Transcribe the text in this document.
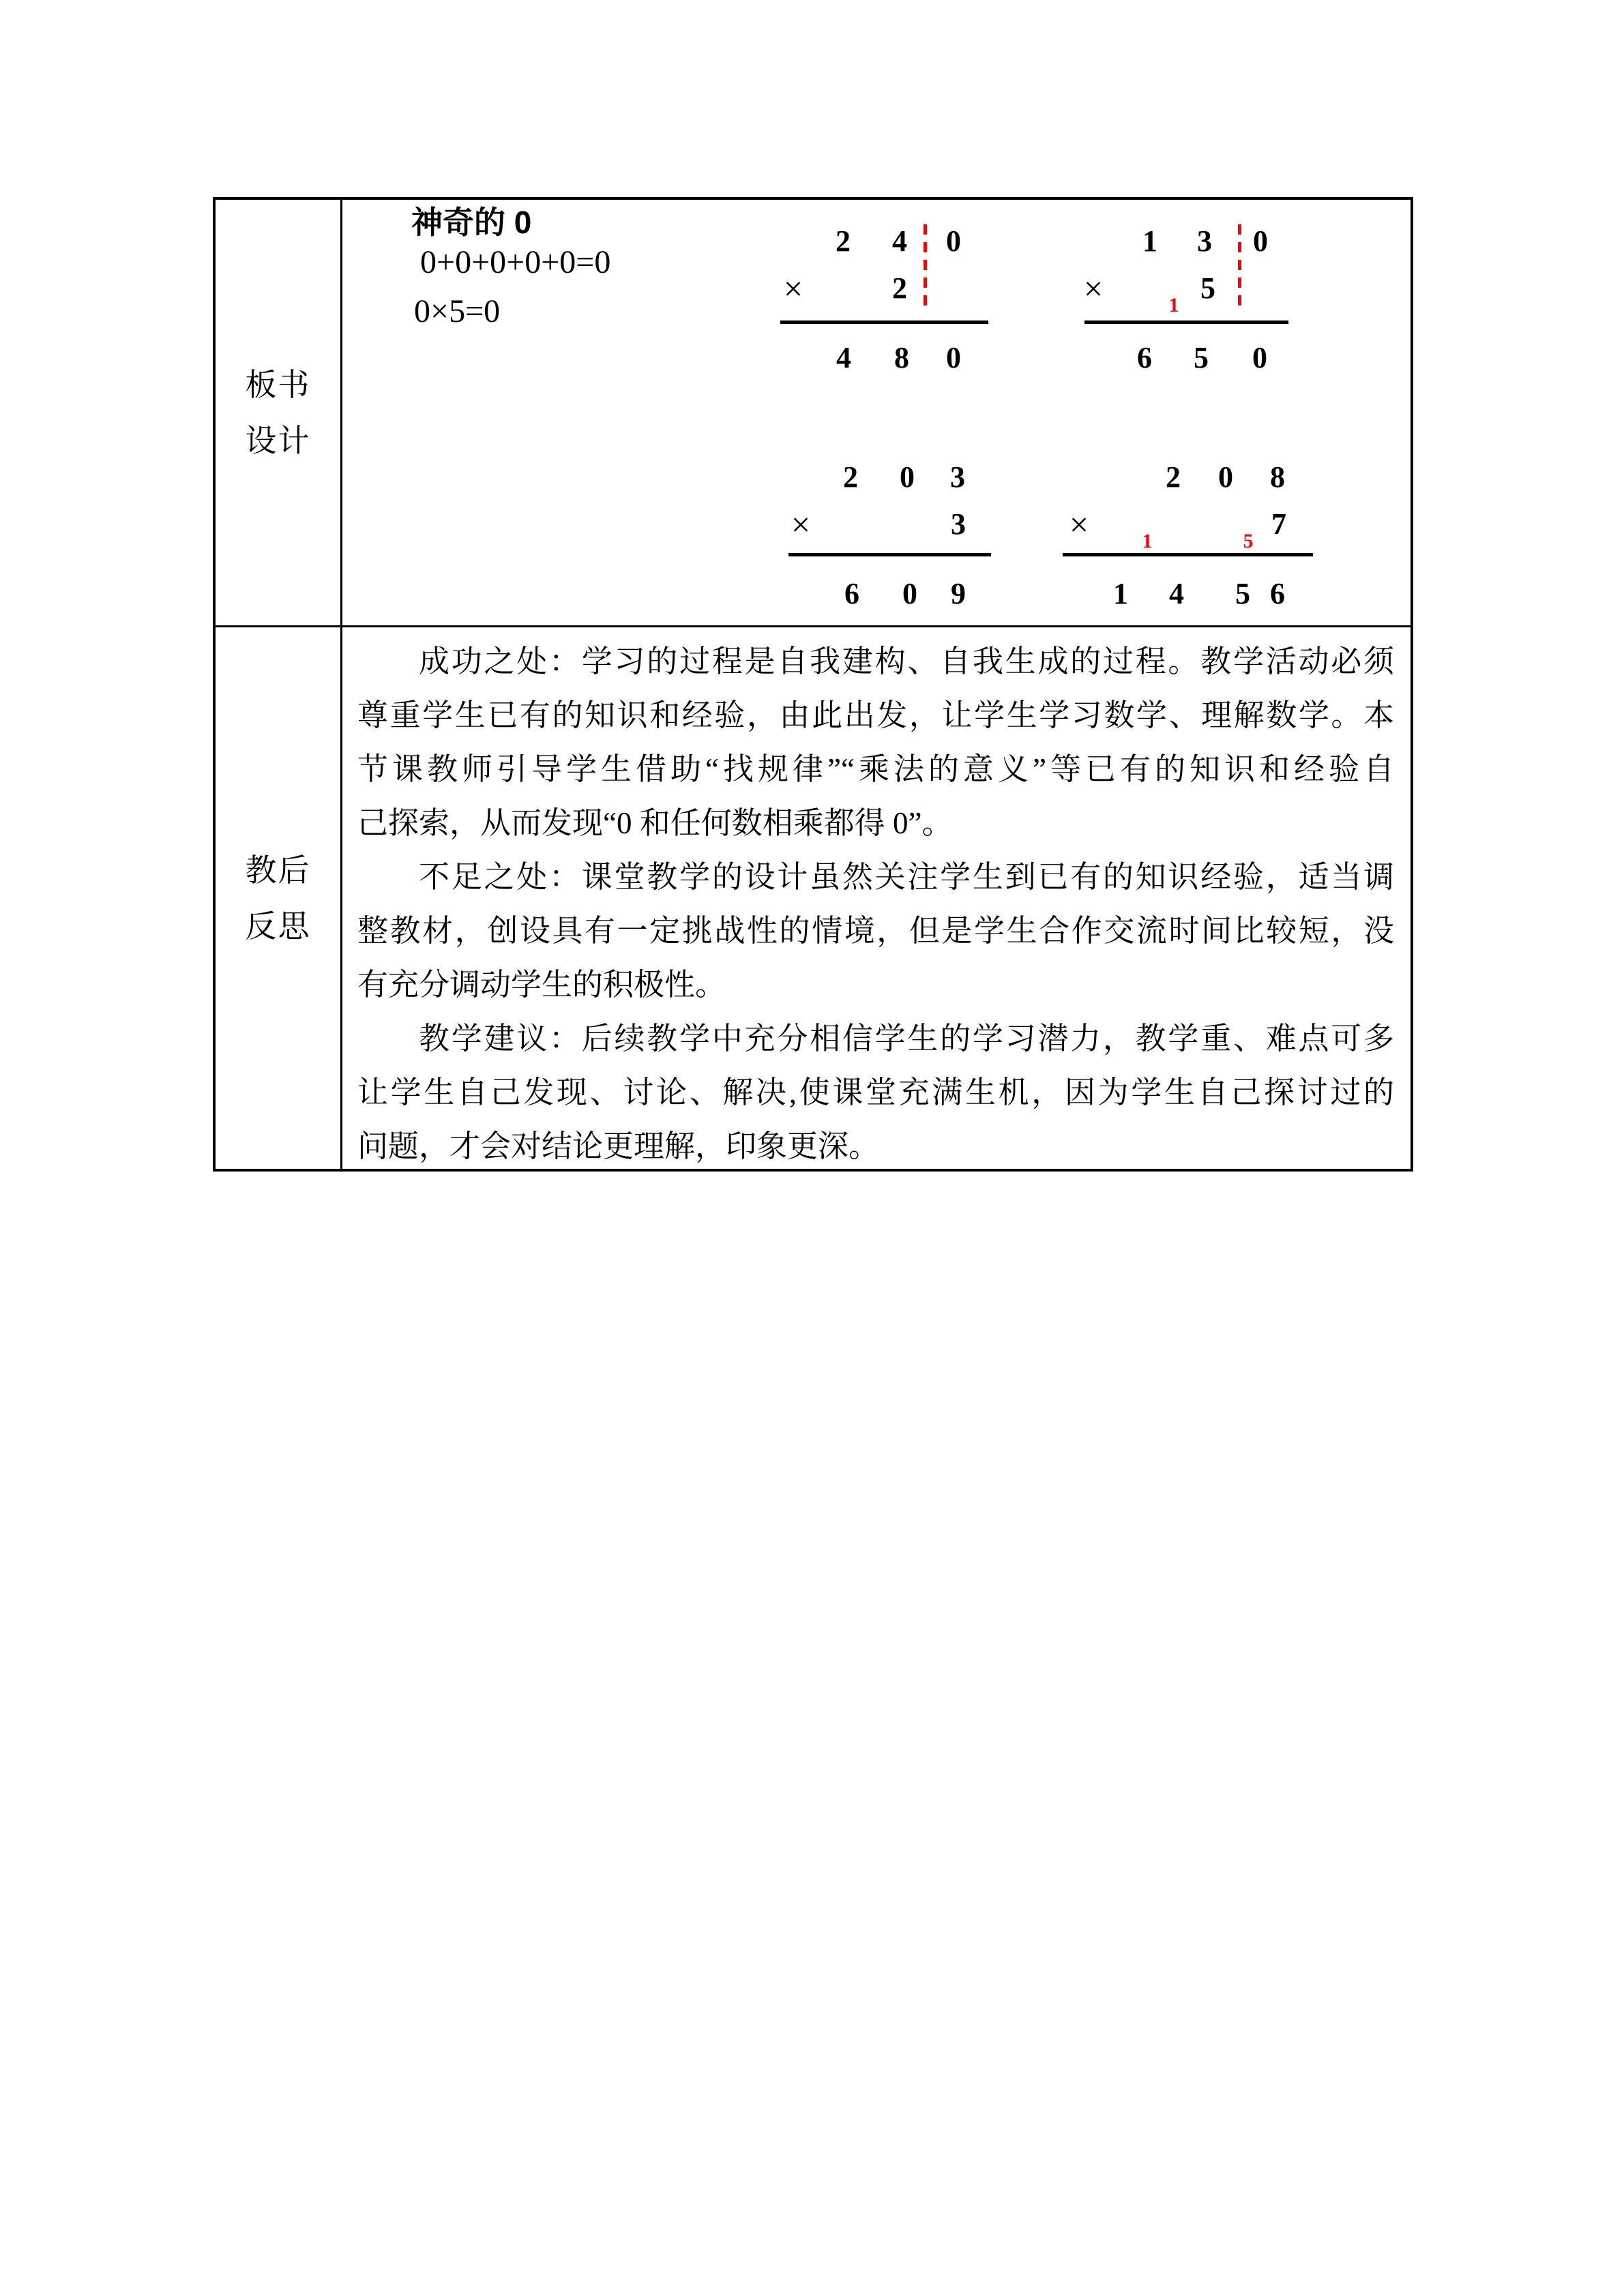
板书
设计
神奇的 0
0+0+0+0+0=0
0×5=0
2 4 0
×	2
4 8 0
1 3 0
×	5
1
6 5 0
2 0 3
×	3
6 0 9
2 0 8
×	7
1	5
1 4 5 6
教后
反思
成功之处：学习的过程是自我建构、自我生成的过程。教学活动必须
尊重学生已有的知识和经验，由此出发，让学生学习数学、理解数学。本
节课教师引导学生借助“找规律”“乘法的意义”等已有的知识和经验自
己探索，从而发现“0 和任何数相乘都得 0”。
不足之处：课堂教学的设计虽然关注学生到已有的知识经验，适当调
整教材，创设具有一定挑战性的情境，但是学生合作交流时间比较短，没
有充分调动学生的积极性。
教学建议：后续教学中充分相信学生的学习潜力，教学重、难点可多
让学生自己发现、讨论、解决,使课堂充满生机，因为学生自己探讨过的
问题，才会对结论更理解，印象更深。
